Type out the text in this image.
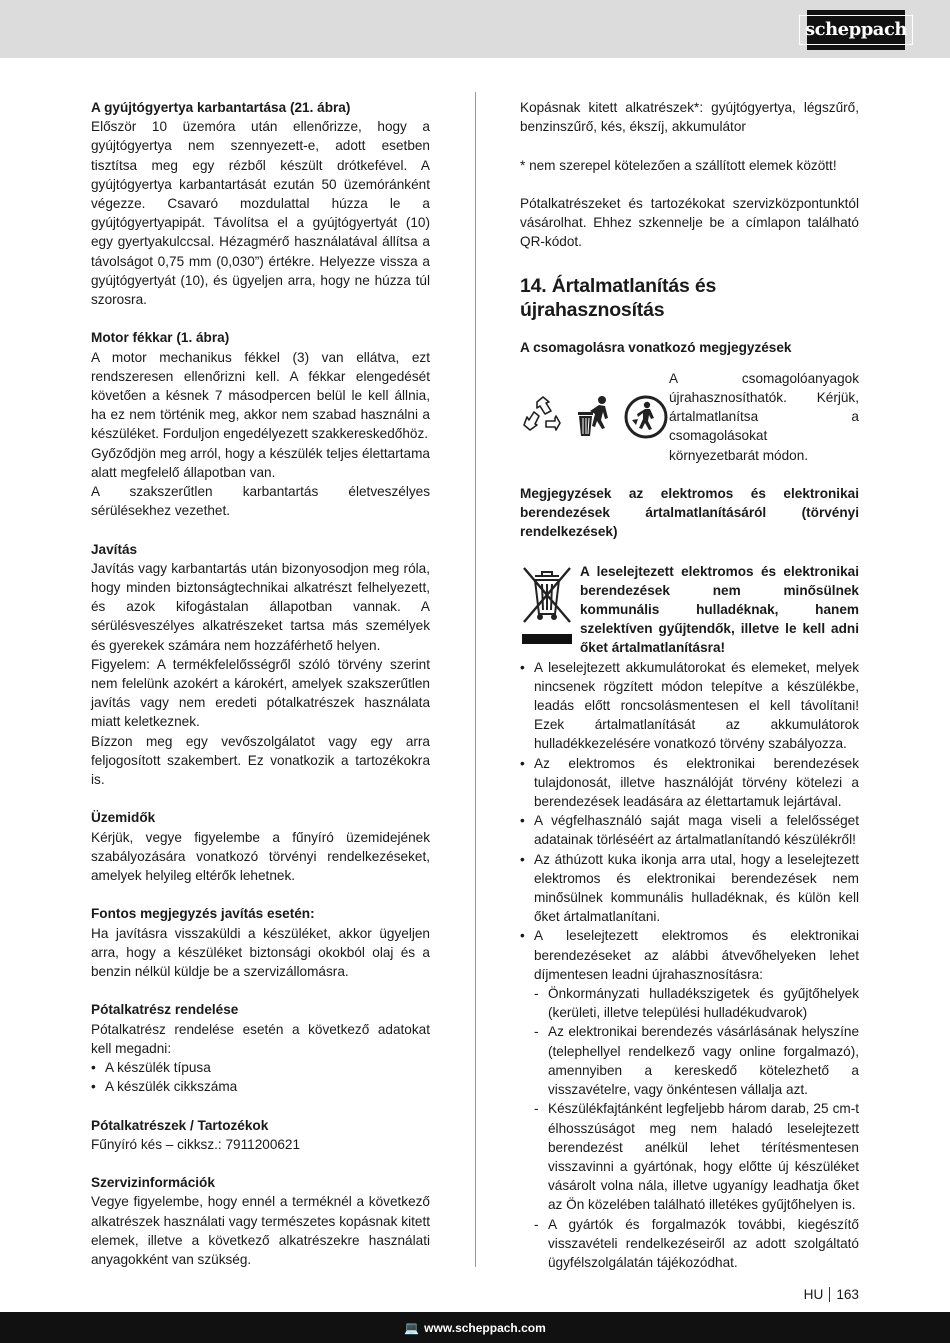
scheppach

A gyújtógyertya karbantartása (21. ábra)

Először 10 üzemóra után ellenőrizze, hogy a gyújtógyertya nem szennyezett-e, adott esetben tisztítsa meg egy rézből készült drótkefével. A gyújtógyertya karbantartását ezután 50 üzemóránként végezze. Csavaró mozdulattal húzza le a gyújtógyertyapipát. Távolítsa el a gyújtógyertyát (10) egy gyertyakulccsal. Hézagmérő használatával állítsa a távolságot 0,75 mm (0,030”) értékre. Helyezze vissza a gyújtógyertyát (10), és ügyeljen arra, hogy ne húzza túl szorosra.

Motor fékkar (1. ábra)

A motor mechanikus fékkel (3) van ellátva, ezt rendszeresen ellenőrizni kell. A fékkar elengedését követően a késnek 7 másodpercen belül le kell állnia, ha ez nem történik meg, akkor nem szabad használni a készüléket. Forduljon engedélyezett szakkereskedőhöz.

Győződjön meg arról, hogy a készülék teljes élettartama alatt megfelelő állapotban van.

A szakszerűtlen karbantartás életveszélyes sérülésekhez vezethet.

Javítás

Javítás vagy karbantartás után bizonyosodjon meg róla, hogy minden biztonságtechnikai alkatrészt felhelyezett, és azok kifogástalan állapotban vannak. A sérülésveszélyes alkatrészeket tartsa más személyek és gyerekek számára nem hozzáférhető helyen.

Figyelem: A termékfelelősségről szóló törvény szerint nem felelünk azokért a károkért, amelyek szakszerűtlen javítás vagy nem eredeti pótalkatrészek használata miatt keletkeznek.

Bízzon meg egy vevőszolgálatot vagy egy arra feljogosított szakembert. Ez vonatkozik a tartozékokra is.

Üzemidők

Kérjük, vegye figyelembe a fűnyíró üzemidejének szabályozására vonatkozó törvényi rendelkezéseket, amelyek helyileg eltérők lehetnek.

Fontos megjegyzés javítás esetén:

Ha javításra visszaküldi a készüléket, akkor ügyeljen arra, hogy a készüléket biztonsági okokból olaj és a benzin nélkül küldje be a szervizállomásra.

Pótalkatrész rendelése

Pótalkatrész rendelése esetén a következő adatokat kell megadni:

• A készülék típusa
• A készülék cikkszáma

Pótalkatrészek / Tartozékok

Fűnyíró kés – cikksz.: 7911200621

Szervizinformációk

Vegye figyelembe, hogy ennél a terméknél a következő alkatrészek használati vagy természetes kopásnak kitett elemek, illetve a következő alkatrészekre használati anyagokként van szükség.

Kopásnak kitett alkatrészek*: gyújtógyertya, légszűrő, benzinszűrő, kés, ékszíj, akkumulátor

* nem szerepel kötelezően a szállított elemek között!

Pótalkatrészeket és tartozékokat szervizközpontunktól vásárolhat. Ehhez szkennelje be a címlapon található QR-kódot.

14. Ártalmatlanítás és újrahasznosítás

A csomagolásra vonatkozó megjegyzések

A csomagolóanyagok újrahasznosíthatók. Kérjük, ártalmatlanítsa a csomagolásokat környezetbarát módon.

Megjegyzések az elektromos és elektronikai berendezések ártalmatlanításáról (törvényi rendelkezések)

A leselejtezett elektromos és elektronikai berendezések nem minősülnek kommunális hulladéknak, hanem szelektíven gyűjtendők, illetve le kell adni őket ártalmatlanításra!

• A leselejtezett akkumulátorokat és elemeket, melyek nincsenek rögzített módon telepítve a készülékbe, leadás előtt roncsolásmentesen el kell távolítani! Ezek ártalmatlanítását az akkumulátorok hulladékkezelésére vonatkozó törvény szabályozza.
• Az elektromos és elektronikai berendezések tulajdonosát, illetve használóját törvény kötelezi a berendezések leadására az élettartamuk lejártával.
• A végfelhasználó saját maga viseli a felelősséget adatainak törléséért az ártalmatlanítandó készülékről!
• Az áthúzott kuka ikonja arra utal, hogy a leselejtezett elektromos és elektronikai berendezések nem minősülnek kommunális hulladéknak, és külön kell őket ártalmatlanítani.
• A leselejtezett elektromos és elektronikai berendezéseket az alábbi átvevőhelyeken lehet díjmentesen leadni újrahasznosításra:
- Önkormányzati hulladékszigetek és gyűjtőhelyek (kerületi, illetve települési hulladékudvarok)
- Az elektronikai berendezés vásárlásának helyszíne (telephellyel rendelkező vagy online forgalmazó), amennyiben a kereskedő kötelezhető a visszavételre, vagy önkéntesen vállalja azt.
- Készülékfajtánként legfeljebb három darab, 25 cm-t élhosszúságot meg nem haladó leselejtezett berendezést anélkül lehet térítésmentesen visszavinni a gyártónak, hogy előtte új készüléket vásárolt volna nála, illetve ugyanígy leadhatja őket az Ön közelében található illetékes gyűjtőhelyen is.
- A gyártók és forgalmazók további, kiegészítő visszavételi rendelkezéseiről az adott szolgáltató ügyfélszolgálatán tájékozódhat.
HU 163
💻 www.scheppach.com
